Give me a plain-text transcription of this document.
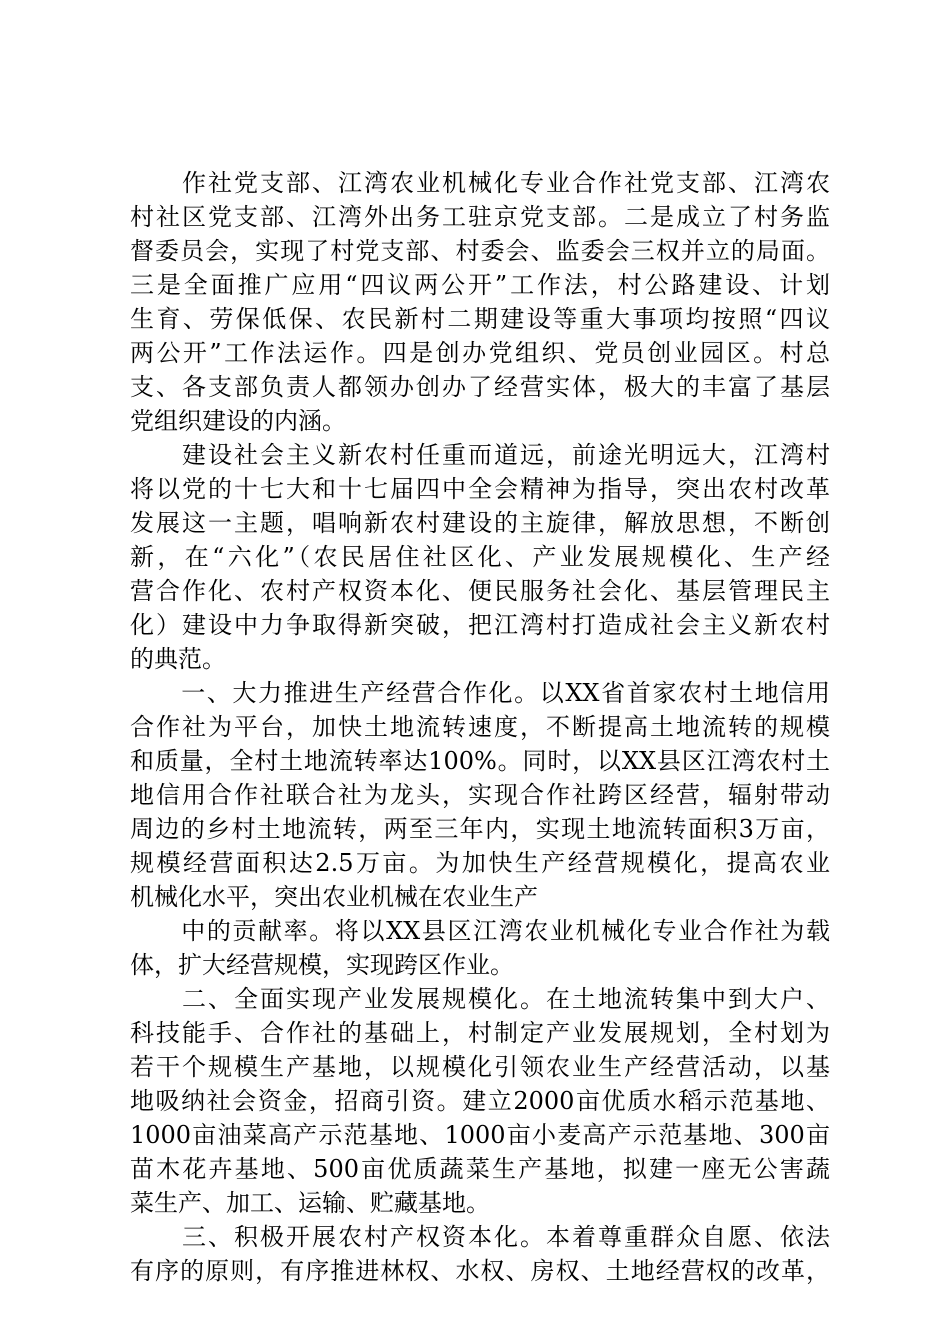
　　作社党支部、江湾农业机械化专业合作社党支部、江湾农
村社区党支部、江湾外出务工驻京党支部。二是成立了村务监
督委员会，实现了村党支部、村委会、监委会三权并立的局面。
三是全面推广应用“四议两公开”工作法，村公路建设、计划
生育、劳保低保、农民新村二期建设等重大事项均按照“四议
两公开”工作法运作。四是创办党组织、党员创业园区。村总
支、各支部负责人都领办创办了经营实体，极大的丰富了基层
党组织建设的内涵。
　　建设社会主义新农村任重而道远，前途光明远大，江湾村
将以党的十七大和十七届四中全会精神为指导，突出农村改革
发展这一主题，唱响新农村建设的主旋律，解放思想，不断创
新，在“六化”（农民居住社区化、产业发展规模化、生产经
营合作化、农村产权资本化、便民服务社会化、基层管理民主
化）建设中力争取得新突破，把江湾村打造成社会主义新农村
的典范。
　　一、大力推进生产经营合作化。以XX省首家农村土地信用
合作社为平台，加快土地流转速度，不断提高土地流转的规模
和质量，全村土地流转率达100%。同时，以XX县区江湾农村土
地信用合作社联合社为龙头，实现合作社跨区经营，辐射带动
周边的乡村土地流转，两至三年内，实现土地流转面积3万亩，
规模经营面积达2.5万亩。为加快生产经营规模化，提高农业
机械化水平，突出农业机械在农业生产
　　中的贡献率。将以XX县区江湾农业机械化专业合作社为载
体，扩大经营规模，实现跨区作业。
　　二、全面实现产业发展规模化。在土地流转集中到大户、
科技能手、合作社的基础上，村制定产业发展规划，全村划为
若干个规模生产基地，以规模化引领农业生产经营活动，以基
地吸纳社会资金，招商引资。建立2000亩优质水稻示范基地、
1000亩油菜高产示范基地、1000亩小麦高产示范基地、300亩
苗木花卉基地、500亩优质蔬菜生产基地，拟建一座无公害蔬
菜生产、加工、运输、贮藏基地。
　　三、积极开展农村产权资本化。本着尊重群众自愿、依法
有序的原则，有序推进林权、水权、房权、土地经营权的改革，
